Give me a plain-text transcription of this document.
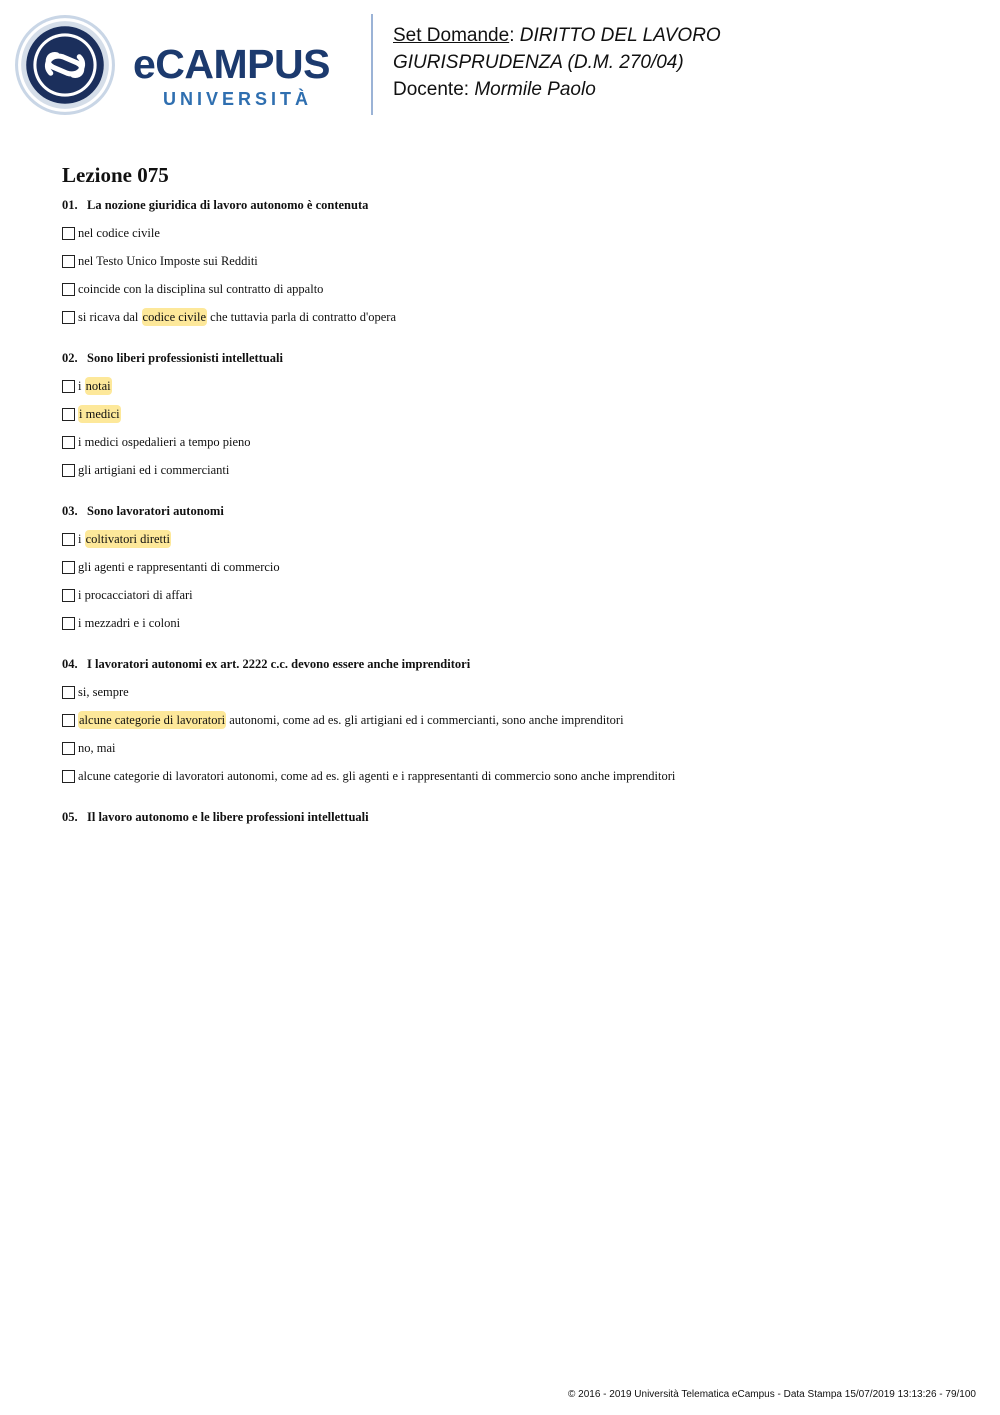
eCAMPUS
UNIVERSITÀ
Set Domande: DIRITTO DEL LAVORO
GIURISPRUDENZA (D.M. 270/04)
Docente: Mormile Paolo
Lezione 075
01. La nozione giuridica di lavoro autonomo è contenuta
nel codice civile
nel Testo Unico Imposte sui Redditi
coincide con la disciplina sul contratto di appalto
si ricava dal codice civile che tuttavia parla di contratto d'opera
02. Sono liberi professionisti intellettuali
i notai
i medici
i medici ospedalieri a tempo pieno
gli artigiani ed i commercianti
03. Sono lavoratori autonomi
i coltivatori diretti
gli agenti e rappresentanti di commercio
i procacciatori di affari
i mezzadri e i coloni
04. I lavoratori autonomi ex art. 2222 c.c. devono essere anche imprenditori
si, sempre
alcune categorie di lavoratori autonomi, come ad es. gli artigiani ed i commercianti, sono anche imprenditori
no, mai
alcune categorie di lavoratori autonomi, come ad es. gli agenti e i rappresentanti di commercio sono anche imprenditori
05. Il lavoro autonomo e le libere professioni intellettuali
© 2016 - 2019 Università Telematica eCampus - Data Stampa 15/07/2019 13:13:26 - 79/100
